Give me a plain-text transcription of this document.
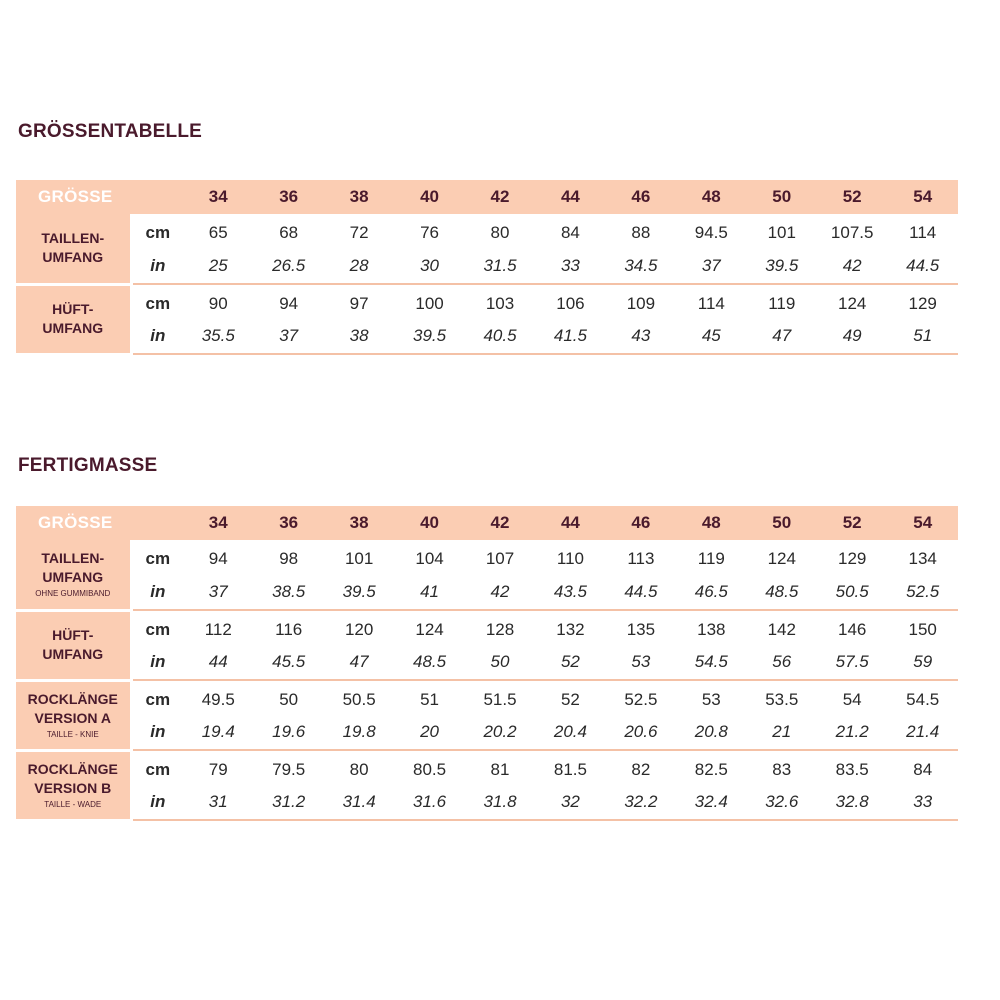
GRÖSSENTABELLE
GRÖSSE		34	36	38	40	42	44	46	48	50	52	54

TAILLEN-
UMFANG	cm	65	68	72	76	80	84	88	94.5	101	107.5	114
	in	25	26.5	28	30	31.5	33	34.5	37	39.5	42	44.5

HÜFT-
UMFANG	cm	90	94	97	100	103	106	109	114	119	124	129
	in	35.5	37	38	39.5	40.5	41.5	43	45	47	49	51
FERTIGMASSE
GRÖSSE		34	36	38	40	42	44	46	48	50	52	54

TAILLEN-
UMFANG
OHNE GUMMIBAND	cm	94	98	101	104	107	110	113	119	124	129	134
	in	37	38.5	39.5	41	42	43.5	44.5	46.5	48.5	50.5	52.5

HÜFT-
UMFANG	cm	112	116	120	124	128	132	135	138	142	146	150
	in	44	45.5	47	48.5	50	52	53	54.5	56	57.5	59

ROCKLÄNGE
VERSION A
TAILLE - KNIE	cm	49.5	50	50.5	51	51.5	52	52.5	53	53.5	54	54.5
	in	19.4	19.6	19.8	20	20.2	20.4	20.6	20.8	21	21.2	21.4

ROCKLÄNGE
VERSION B
TAILLE - WADE	cm	79	79.5	80	80.5	81	81.5	82	82.5	83	83.5	84
	in	31	31.2	31.4	31.6	31.8	32	32.2	32.4	32.6	32.8	33
